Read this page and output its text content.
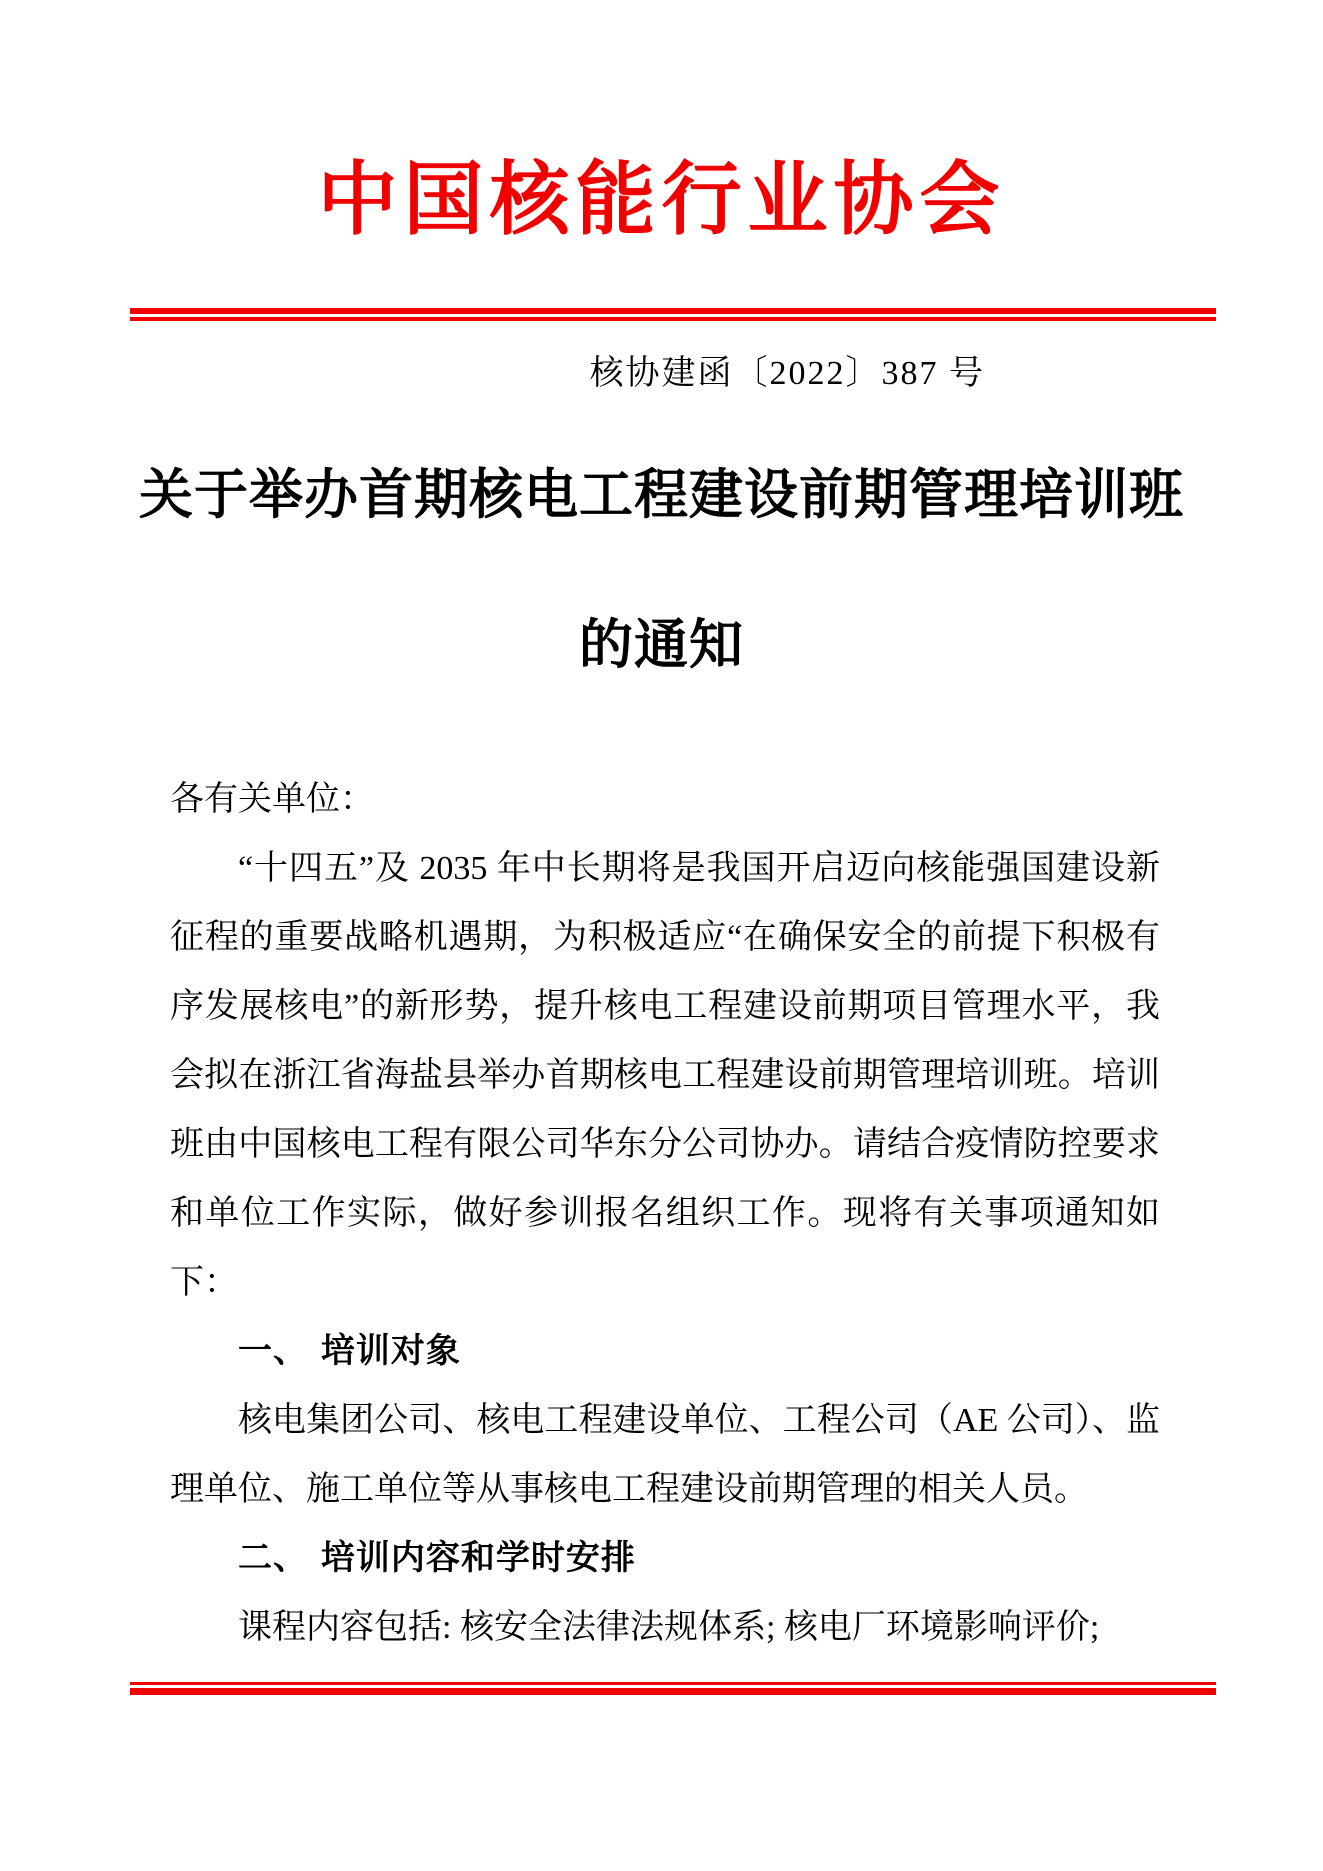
中国核能行业协会
核协建函〔2022〕387 号
关于举办首期核电工程建设前期管理培训班
的通知
各有关单位：

“十四五”及 2035 年中长期将是我国开启迈向核能强国建设新征程的重要战略机遇期，为积极适应“在确保安全的前提下积极有序发展核电”的新形势，提升核电工程建设前期项目管理水平，我会拟在浙江省海盐县举办首期核电工程建设前期管理培训班。培训班由中国核电工程有限公司华东分公司协办。请结合疫情防控要求和单位工作实际，做好参训报名组织工作。现将有关事项通知如下：

一、 培训对象

核电集团公司、核电工程建设单位、工程公司（AE 公司）、监理单位、施工单位等从事核电工程建设前期管理的相关人员。

二、 培训内容和学时安排

课程内容包括: 核安全法律法规体系; 核电厂环境影响评价;
